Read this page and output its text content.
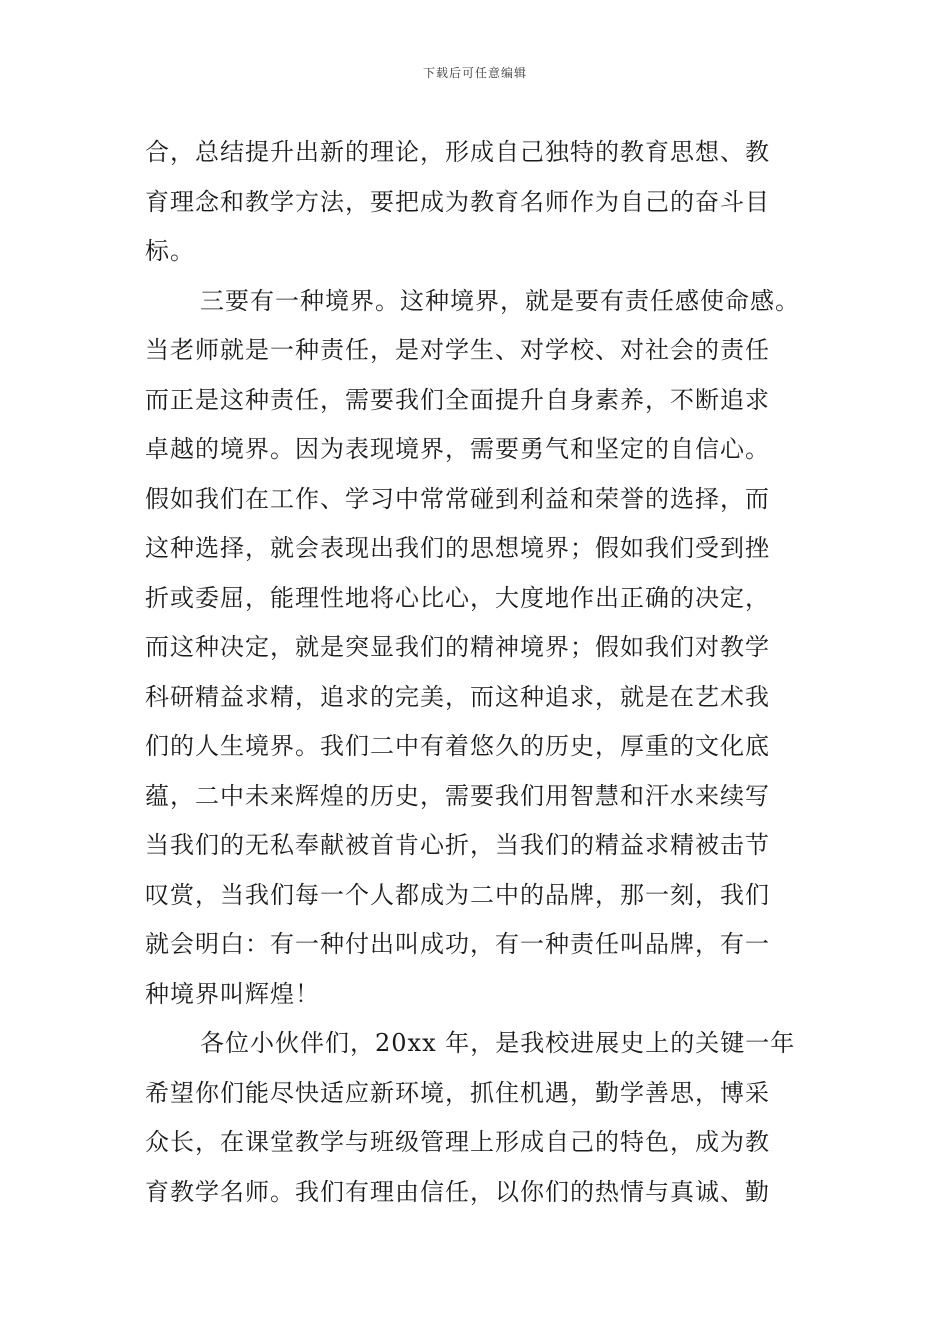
下载后可任意编辑
合，总结提升出新的理论，形成自己独特的教育思想、教
育理念和教学方法，要把成为教育名师作为自己的奋斗目
标。
三要有一种境界。这种境界，就是要有责任感使命感。
当老师就是一种责任，是对学生、对学校、对社会的责任
而正是这种责任，需要我们全面提升自身素养，不断追求
卓越的境界。因为表现境界，需要勇气和坚定的自信心。
假如我们在工作、学习中常常碰到利益和荣誉的选择，而
这种选择，就会表现出我们的思想境界；假如我们受到挫
折或委屈，能理性地将心比心，大度地作出正确的决定，
而这种决定，就是突显我们的精神境界；假如我们对教学
科研精益求精，追求的完美，而这种追求，就是在艺术我
们的人生境界。我们二中有着悠久的历史，厚重的文化底
蕴，二中未来辉煌的历史，需要我们用智慧和汗水来续写
当我们的无私奉献被首肯心折，当我们的精益求精被击节
叹赏，当我们每一个人都成为二中的品牌，那一刻，我们
就会明白：有一种付出叫成功，有一种责任叫品牌，有一
种境界叫辉煌！
各位小伙伴们，20xx 年，是我校进展史上的关键一年
希望你们能尽快适应新环境，抓住机遇，勤学善思，博采
众长，在课堂教学与班级管理上形成自己的特色，成为教
育教学名师。我们有理由信任，以你们的热情与真诚、勤
